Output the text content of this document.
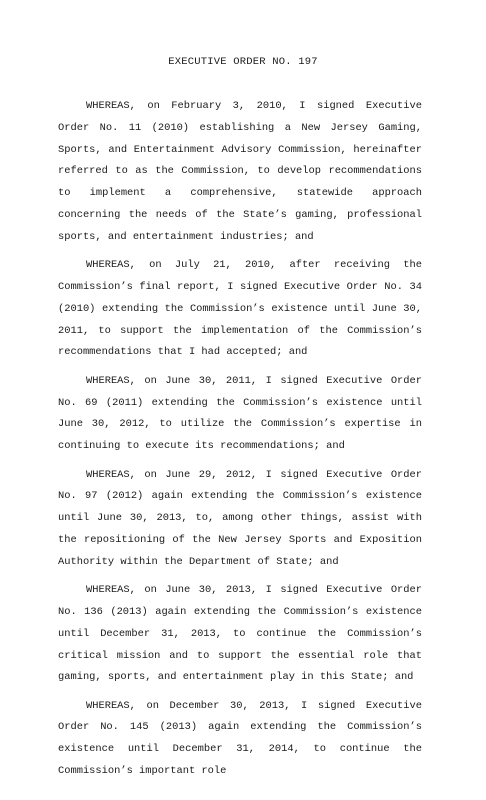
EXECUTIVE ORDER NO. 197

WHEREAS, on February 3, 2010, I signed Executive Order No. 11 (2010) establishing a New Jersey Gaming, Sports, and Entertainment Advisory Commission, hereinafter referred to as the Commission, to develop recommendations to implement a comprehensive, statewide approach concerning the needs of the State’s gaming, professional sports, and entertainment industries; and

WHEREAS, on July 21, 2010, after receiving the Commission’s final report, I signed Executive Order No. 34 (2010) extending the Commission’s existence until June 30, 2011, to support the implementation of the Commission’s recommendations that I had accepted; and

WHEREAS, on June 30, 2011, I signed Executive Order No. 69 (2011) extending the Commission’s existence until June 30, 2012, to utilize the Commission’s expertise in continuing to execute its recommendations; and

WHEREAS, on June 29, 2012, I signed Executive Order No. 97 (2012) again extending the Commission’s existence until June 30, 2013, to, among other things, assist with the repositioning of the New Jersey Sports and Exposition Authority within the Department of State; and

WHEREAS, on June 30, 2013, I signed Executive Order No. 136 (2013) again extending the Commission’s existence until December 31, 2013, to continue the Commission’s critical mission and to support the essential role that gaming, sports, and entertainment play in this State; and

WHEREAS, on December 30, 2013, I signed Executive Order No. 145 (2013) again extending the Commission’s existence until December 31, 2014, to continue the Commission’s important role
